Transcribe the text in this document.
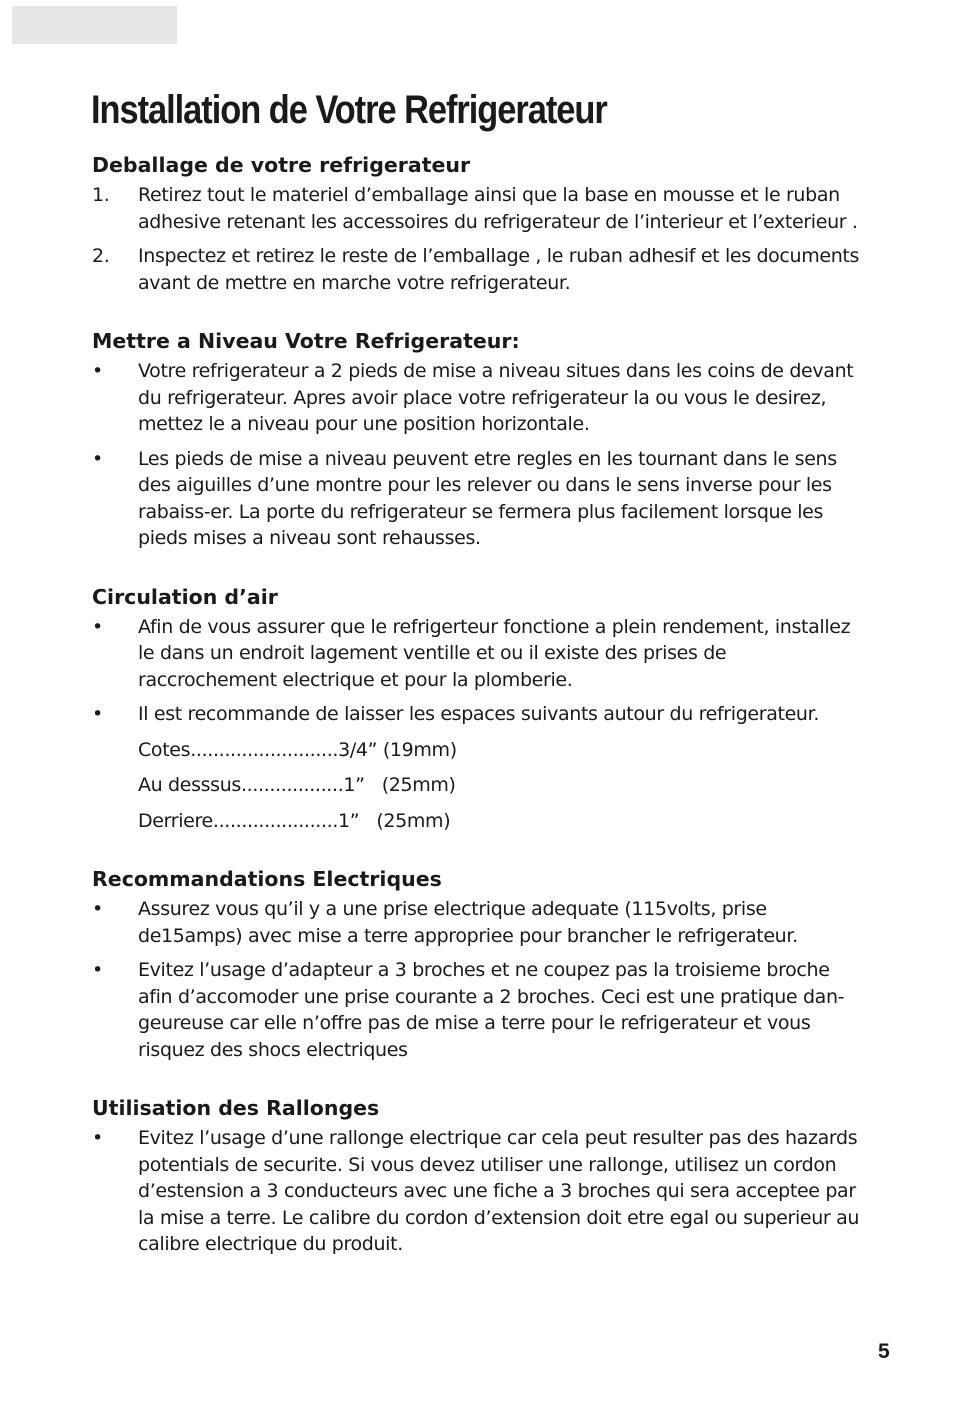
Installation de Votre Refrigerateur
Deballage de votre refrigerateur
1.	Retirez tout le materiel d’emballage ainsi que la base en mousse et le ruban adhesive retenant les accessoires du refrigerateur de l’interieur et l’exterieur .
2.	Inspectez et retirez le reste de l’emballage , le ruban adhesif et les documents avant de mettre en marche votre refrigerateur.
Mettre a Niveau Votre Refrigerateur:
•	Votre refrigerateur a 2 pieds de mise a niveau situes dans les coins de devant du refrigerateur. Apres avoir place votre refrigerateur la ou vous le desirez, mettez le a niveau pour une position horizontale.
•	Les pieds de mise a niveau peuvent etre regles en les tournant dans le sens des aiguilles d’une montre pour les relever ou dans le sens inverse pour les rabaiss-er. La porte du refrigerateur se fermera plus facilement lorsque les pieds mises a niveau sont rehausses.
Circulation d’air
•	Afin de vous assurer que le refrigerteur fonctione a plein rendement, installez le dans un endroit lagement ventille et ou il existe des prises de raccrochement electrique et pour la plomberie.
•	Il est recommande de laisser les espaces suivants autour du refrigerateur.
Cotes .......................... 3/4” (19mm)
Au desssus .................. 1”   (25mm)
Derriere ...................... 1”   (25mm)
Recommandations Electriques
•	Assurez vous qu’il y a une prise electrique adequate (115volts, prise de15amps) avec mise a terre appropriee pour brancher le refrigerateur.
•	Evitez l’usage d’adapteur a 3 broches et ne coupez pas la troisieme broche afin d’accomoder une prise courante a 2 broches. Ceci est une pratique dan-geureuse car elle n’offre pas de mise a terre pour le refrigerateur et vous risquez des shocs electriques
Utilisation des Rallonges
•	Evitez l’usage d’une rallonge electrique car cela peut resulter pas des hazards potentials de securite. Si vous devez utiliser une rallonge, utilisez un cordon d’estension a 3 conducteurs avec une fiche a 3 broches qui sera acceptee par la mise a terre. Le calibre du cordon d’extension doit etre egal ou superieur au calibre electrique du produit.
5
